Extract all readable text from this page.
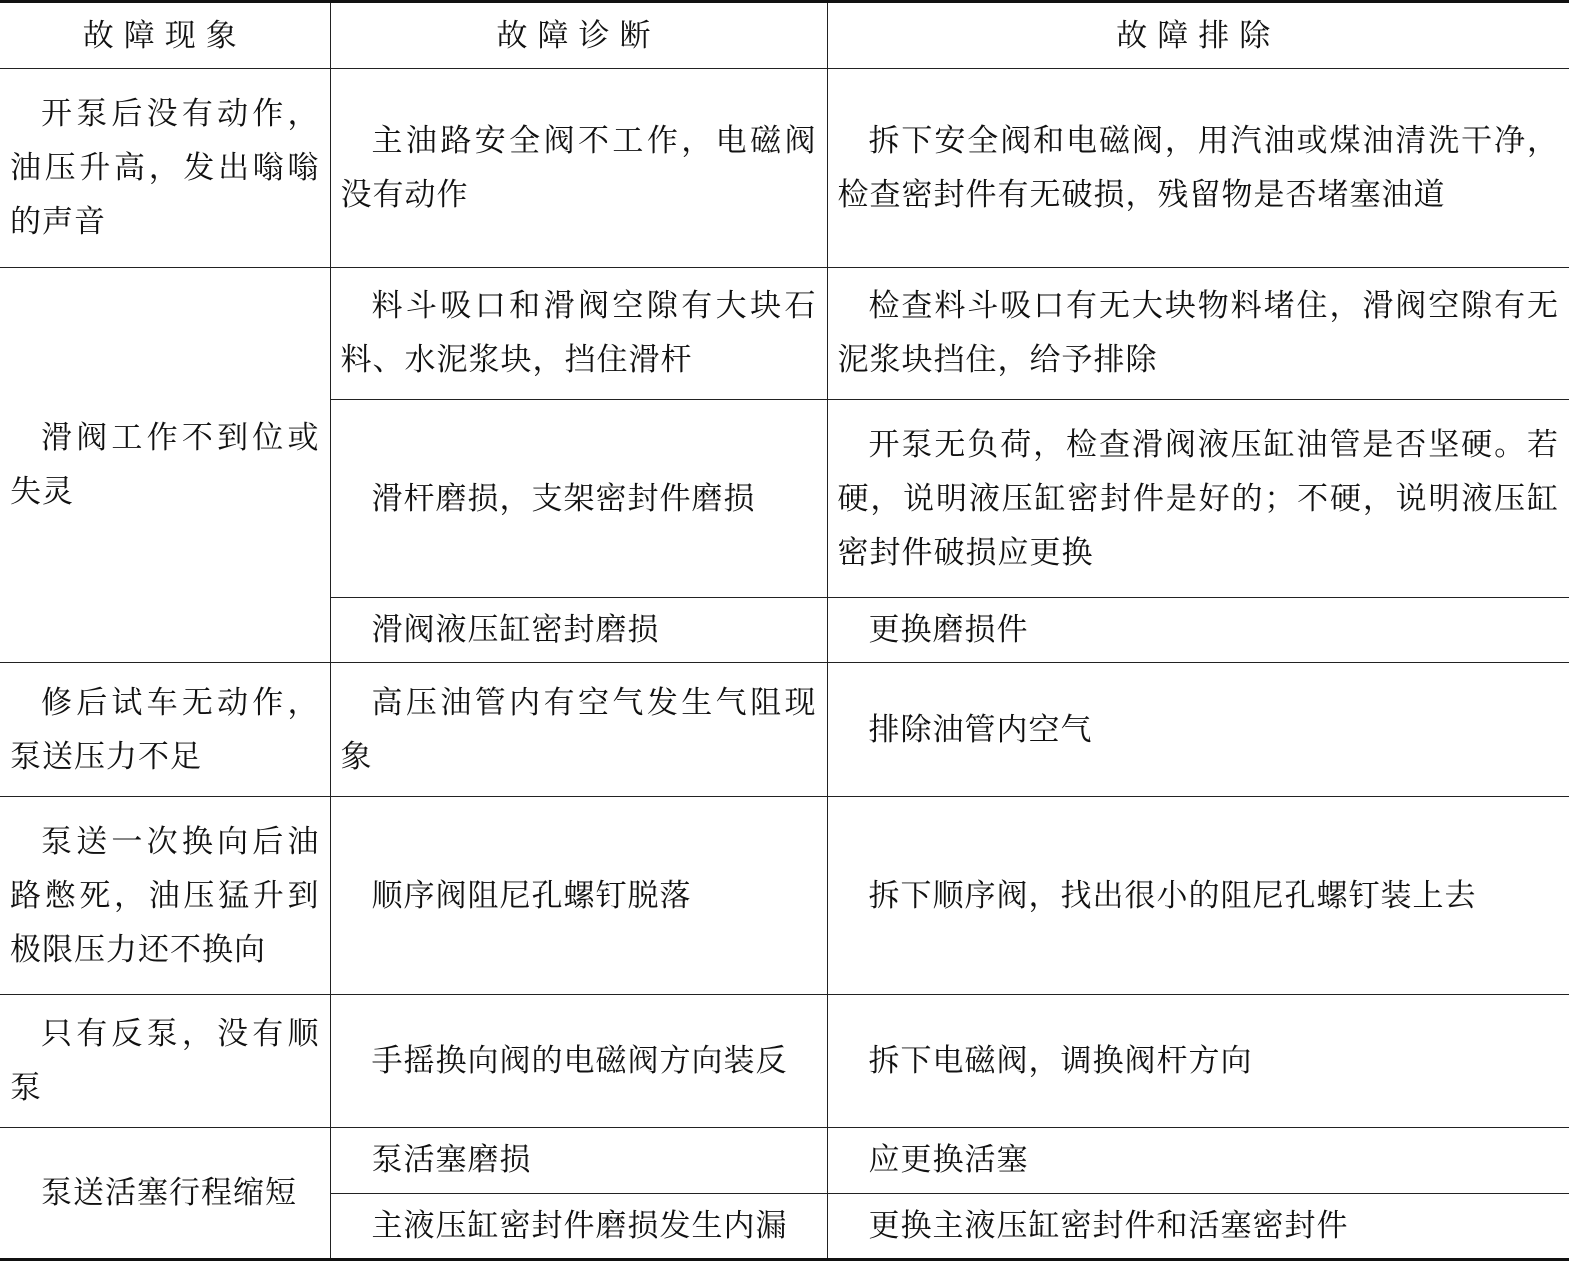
故障现象	故障诊断	故障排除

开泵后没有动作，油压升高，发出嗡嗡的声音	主油路安全阀不工作，电磁阀没有动作	拆下安全阀和电磁阀，用汽油或煤油清洗干净，检查密封件有无破损，残留物是否堵塞油道

滑阀工作不到位或失灵	料斗吸口和滑阀空隙有大块石料、水泥浆块，挡住滑杆	检查料斗吸口有无大块物料堵住，滑阀空隙有无泥浆块挡住，给予排除

	滑杆磨损，支架密封件磨损	开泵无负荷，检查滑阀液压缸油管是否坚硬。若硬，说明液压缸密封件是好的；不硬，说明液压缸密封件破损应更换

	滑阀液压缸密封磨损	更换磨损件

修后试车无动作，泵送压力不足	高压油管内有空气发生气阻现象	排除油管内空气

泵送一次换向后油路憋死，油压猛升到极限压力还不换向	顺序阀阻尼孔螺钉脱落	拆下顺序阀，找出很小的阻尼孔螺钉装上去

只有反泵，没有顺泵	手摇换向阀的电磁阀方向装反	拆下电磁阀，调换阀杆方向

泵送活塞行程缩短	泵活塞磨损	应更换活塞

	主液压缸密封件磨损发生内漏	更换主液压缸密封件和活塞密封件
